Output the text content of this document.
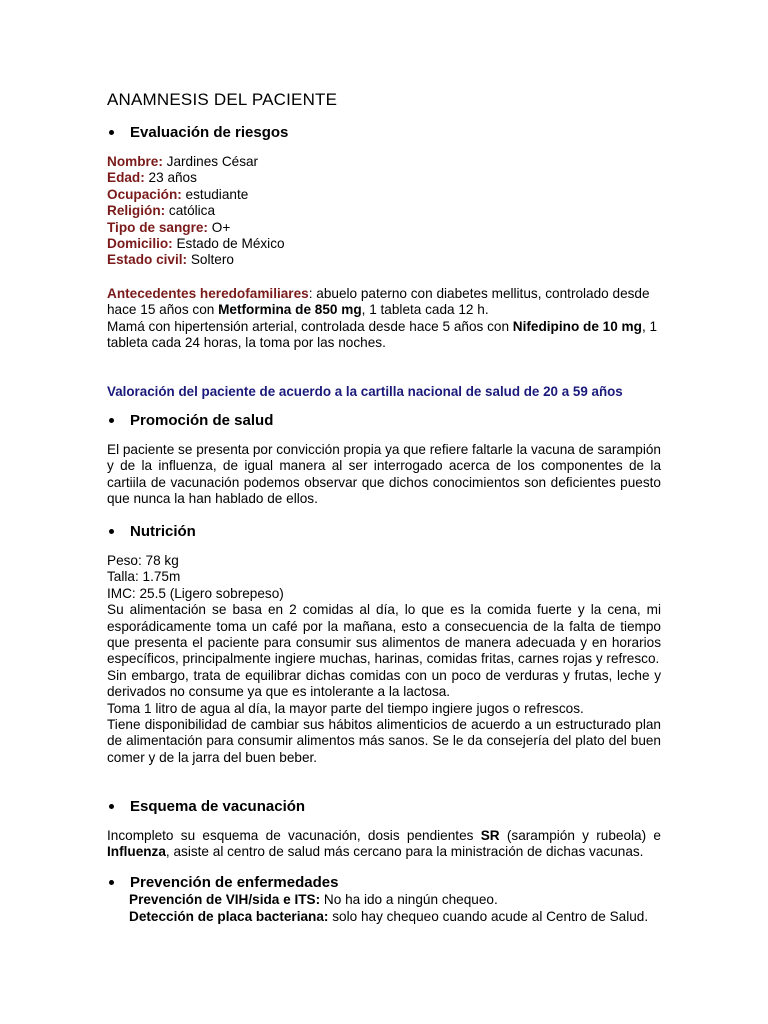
ANAMNESIS DEL PACIENTE
Evaluación de riesgos
Nombre: Jardines César
Edad: 23 años
Ocupación: estudiante
Religión: católica
Tipo de sangre: O+
Domicilio: Estado de México
Estado civil: Soltero
Antecedentes heredofamiliares: abuelo paterno con diabetes mellitus, controlado desde hace 15 años con Metformina de 850 mg, 1 tableta cada 12 h.
Mamá con hipertensión arterial, controlada desde hace 5 años con Nifedipino de 10 mg, 1 tableta cada 24 horas, la toma por las noches.
Valoración del paciente de acuerdo a la cartilla nacional de salud de 20 a 59 años
Promoción de salud

El paciente se presenta por convicción propia ya que refiere faltarle la vacuna de sarampión y de la influenza, de igual manera al ser interrogado acerca de los componentes de la cartiila de vacunación podemos observar que dichos conocimientos son deficientes puesto que nunca la han hablado de ellos.

Nutrición
Peso: 78 kg
Talla: 1.75m
IMC: 25.5 (Ligero sobrepeso)
Su alimentación se basa en 2 comidas al día, lo que es la comida fuerte y la cena, mi esporádicamente toma un café por la mañana, esto a consecuencia de la falta de tiempo que presenta el paciente para consumir sus alimentos de manera adecuada y en horarios específicos, principalmente ingiere muchas, harinas, comidas fritas, carnes rojas y refresco.
Sin embargo, trata de equilibrar dichas comidas con un poco de verduras y frutas, leche y derivados no consume ya que es intolerante a la lactosa.
Toma 1 litro de agua al día, la mayor parte del tiempo ingiere jugos o refrescos.
Tiene disponibilidad de cambiar sus hábitos alimenticios de acuerdo a un estructurado plan de alimentación para consumir alimentos más sanos. Se le da consejería del plato del buen comer y de la jarra del buen beber.
Esquema de vacunación
Incompleto su esquema de vacunación, dosis pendientes SR (sarampión y rubeola) e Influenza, asiste al centro de salud más cercano para la ministración de dichas vacunas.
Prevención de enfermedades
Prevención de VIH/sida e ITS: No ha ido a ningún chequeo.
Detección de placa bacteriana: solo hay chequeo cuando acude al Centro de Salud.
